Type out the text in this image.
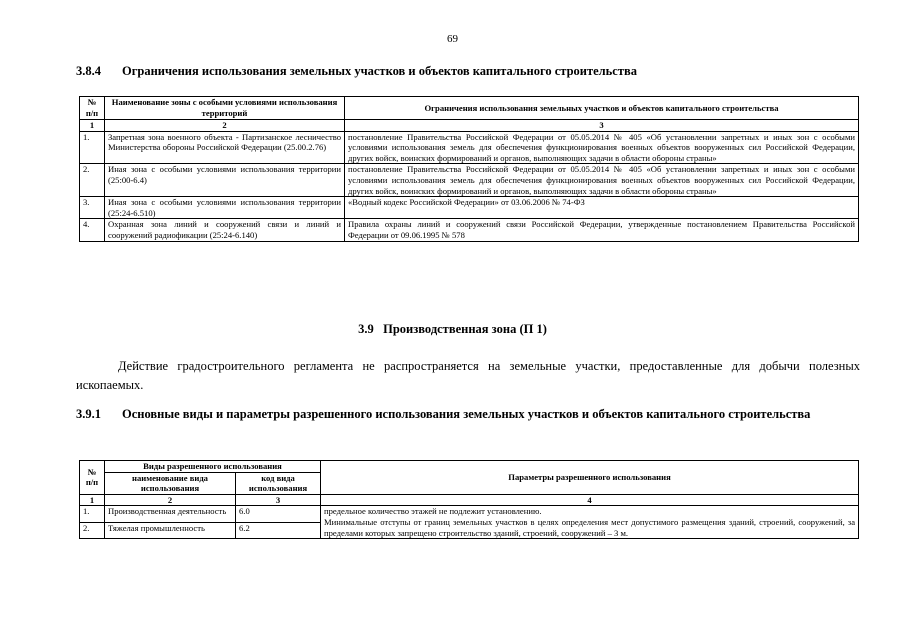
69
3.8.4 Ограничения использования земельных участков и объектов капитального строительства
№ п/п	Наименование зоны с особыми условиями использования территорий	Ограничения использования земельных участков и объектов капитального строительства
1	2	3
1.	Запретная зона военного объекта - Партизанское лесничество Министерства обороны Российской Федерации (25.00.2.76)	постановление Правительства Российской Федерации от 05.05.2014 № 405 «Об установлении запретных и иных зон с особыми условиями использования земель для обеспечения функционирования военных объектов вооруженных сил Российской Федерации, других войск, воинских формирований и органов, выполняющих задачи в области обороны страны»
2.	Иная зона с особыми условиями использования территории (25:00-6.4)	постановление Правительства Российской Федерации от 05.05.2014 № 405 «Об установлении запретных и иных зон с особыми условиями использования земель для обеспечения функционирования военных объектов вооруженных сил Российской Федерации, других войск, воинских формирований и органов, выполняющих задачи в области обороны страны»
3.	Иная зона с особыми условиями использования территории (25:24-6.510)	«Водный кодекс Российской Федерации» от 03.06.2006 № 74-ФЗ
4.	Охранная зона линий и сооружений связи и линий и сооружений радиофикации (25:24-6.140)	Правила охраны линий и сооружений связи Российской Федерации, утвержденные постановлением Правительства Российской Федерации от 09.06.1995 № 578
3.9 Производственная зона (П 1)
Действие градостроительного регламента не распространяется на земельные участки, предоставленные для добычи полезных ископаемых.
3.9.1 Основные виды и параметры разрешенного использования земельных участков и объектов капитального строительства
№ п/п	Виды разрешенного использования		Параметры разрешенного использования
	наименование вида использования	код вида использования	
1	2	3	4
1.	Производственная деятельность	6.0	предельное количество этажей не подлежит установлению.
Минимальные отступы от границ земельных участков в целях определения мест допустимого размещения зданий, строений, сооружений, за пределами которых запрещено строительство зданий, строений, сооружений – 3 м.

2.	Тяжелая промышленность	6.2	
